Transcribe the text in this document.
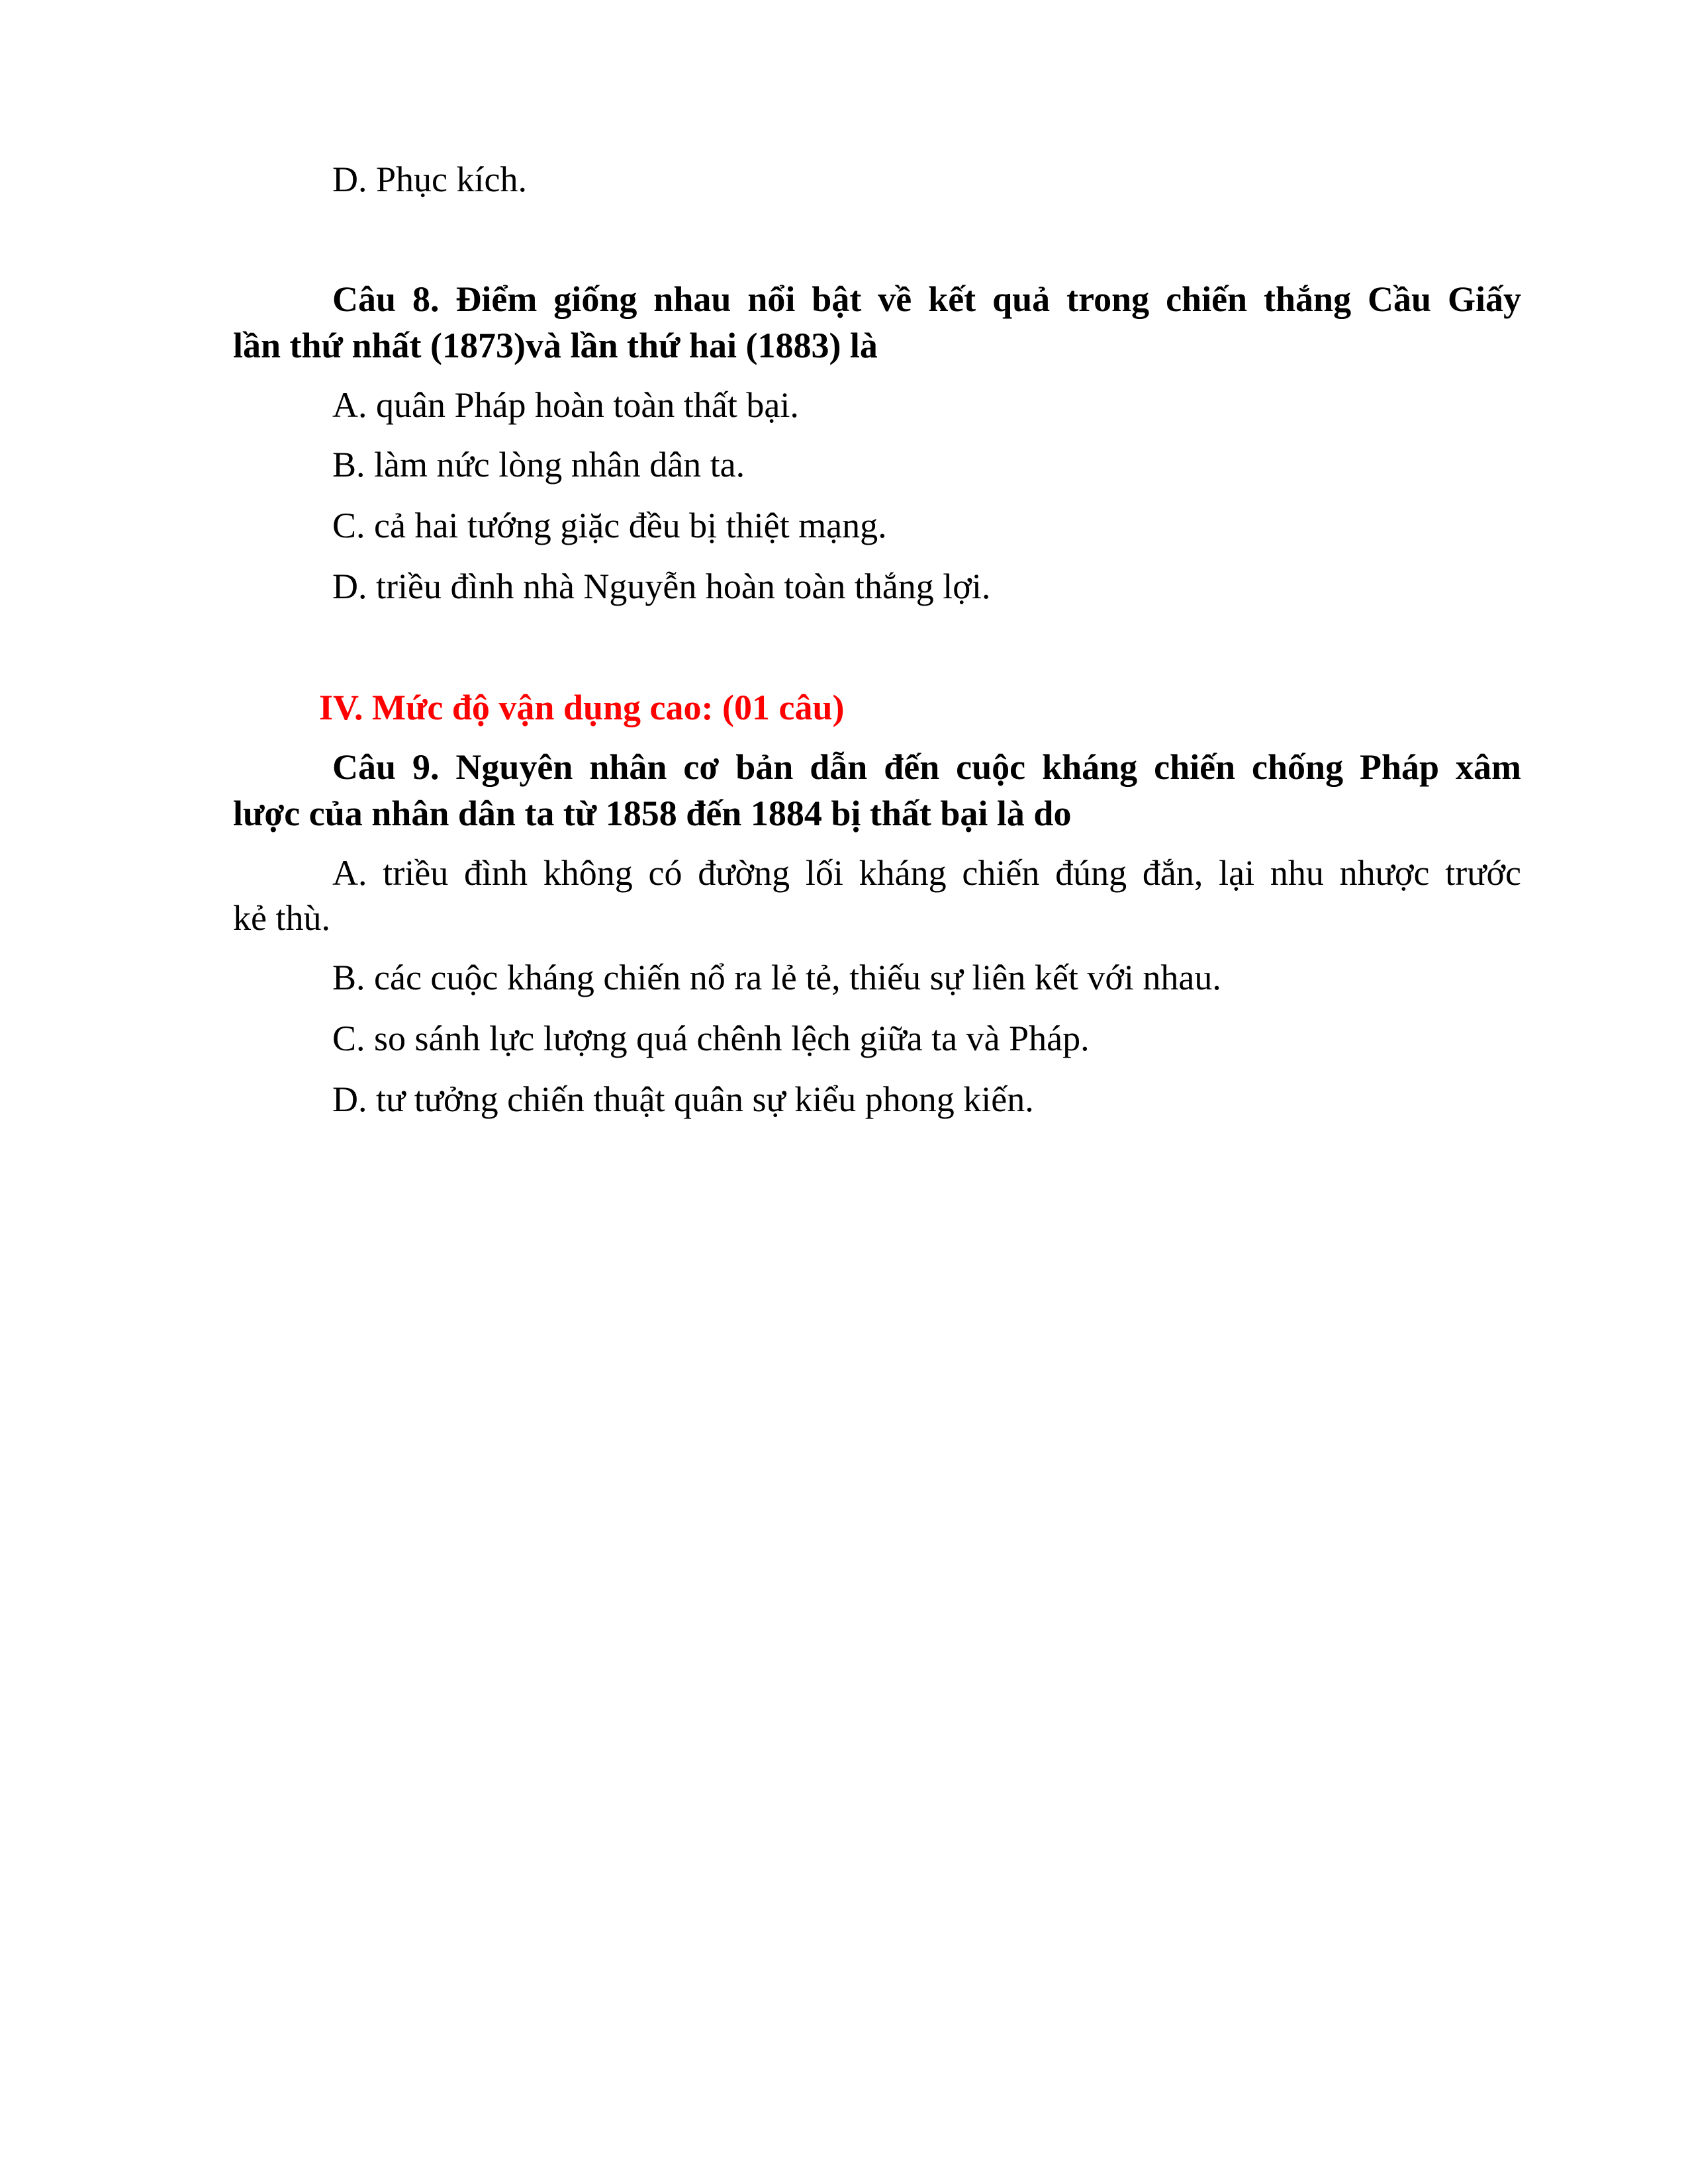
D. Phục kích.
Câu 8. Điểm giống nhau nổi bật về kết quả trong chiến thắng Cầu Giấy
lần thứ nhất (1873)và lần thứ hai (1883) là
A. quân Pháp hoàn toàn thất bại.
B. làm nức lòng nhân dân ta.
C. cả hai tướng giặc đều bị thiệt mạng.
D. triều đình nhà Nguyễn hoàn toàn thắng lợi.
IV. Mức độ vận dụng cao: (01 câu)
Câu 9. Nguyên nhân cơ bản dẫn đến cuộc kháng chiến chống Pháp xâm
lược của nhân dân ta từ 1858 đến 1884 bị thất bại là do
A. triều đình không có đường lối kháng chiến đúng đắn, lại nhu nhược trước
kẻ thù.
B. các cuộc kháng chiến nổ ra lẻ tẻ, thiếu sự liên kết với nhau.
C. so sánh lực lượng quá chênh lệch giữa ta và Pháp.
D. tư tưởng chiến thuật quân sự kiểu phong kiến.
